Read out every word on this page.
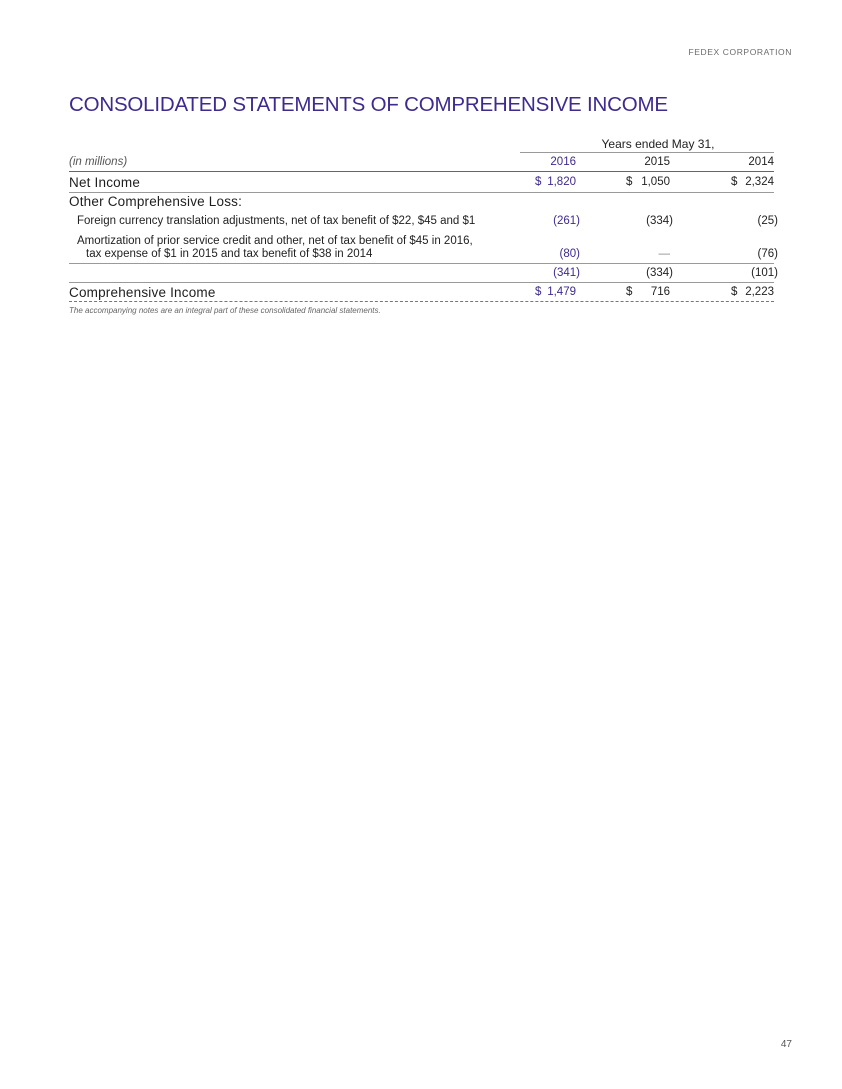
FEDEX CORPORATION
CONSOLIDATED STATEMENTS OF COMPREHENSIVE INCOME
Years ended May 31,
(in millions)	2016	2015	2014
Net Income	$ 1,820	$ 1,050	$ 2,324
Other Comprehensive Loss:
Foreign currency translation adjustments, net of tax benefit of $22, $45 and $1	(261)	(334)	(25)
Amortization of prior service credit and other, net of tax benefit of $45 in 2016,
tax expense of $1 in 2015 and tax benefit of $38 in 2014	(80)	—	(76)
(341)	(334)	(101)
Comprehensive Income	$ 1,479	$ 716	$ 2,223
The accompanying notes are an integral part of these consolidated financial statements.
47
